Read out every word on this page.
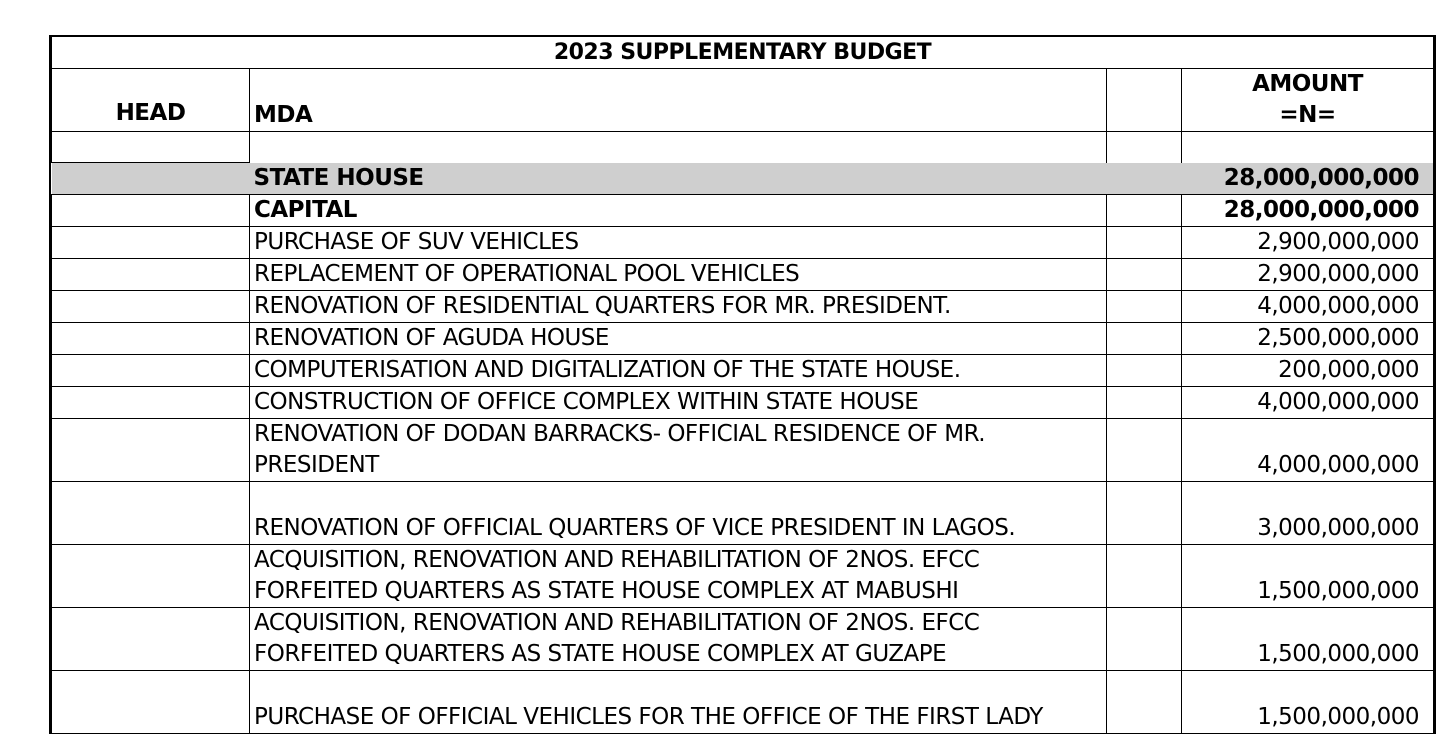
2023 SUPPLEMENTARY BUDGET			
HEAD	MDA		AMOUNT
=N=

	STATE HOUSE		28,000,000,000
	CAPITAL		28,000,000,000
	PURCHASE OF SUV VEHICLES		2,900,000,000
	REPLACEMENT OF OPERATIONAL POOL VEHICLES		2,900,000,000
	RENOVATION OF RESIDENTIAL QUARTERS FOR MR. PRESIDENT.		4,000,000,000
	RENOVATION OF AGUDA HOUSE		2,500,000,000
	COMPUTERISATION AND DIGITALIZATION OF THE STATE HOUSE.		200,000,000
	CONSTRUCTION OF OFFICE COMPLEX WITHIN STATE HOUSE		4,000,000,000

	RENOVATION OF DODAN BARRACKS- OFFICIAL RESIDENCE OF MR.
PRESIDENT		4,000,000,000
	RENOVATION OF OFFICIAL QUARTERS OF VICE PRESIDENT IN LAGOS.		3,000,000,000

	ACQUISITION, RENOVATION AND REHABILITATION OF 2NOS. EFCC
FORFEITED QUARTERS AS STATE HOUSE COMPLEX AT MABUSHI		1,500,000,000

	ACQUISITION, RENOVATION AND REHABILITATION OF 2NOS. EFCC
FORFEITED QUARTERS AS STATE HOUSE COMPLEX AT GUZAPE		1,500,000,000
	PURCHASE OF OFFICIAL VEHICLES FOR THE OFFICE OF THE FIRST LADY		1,500,000,000
